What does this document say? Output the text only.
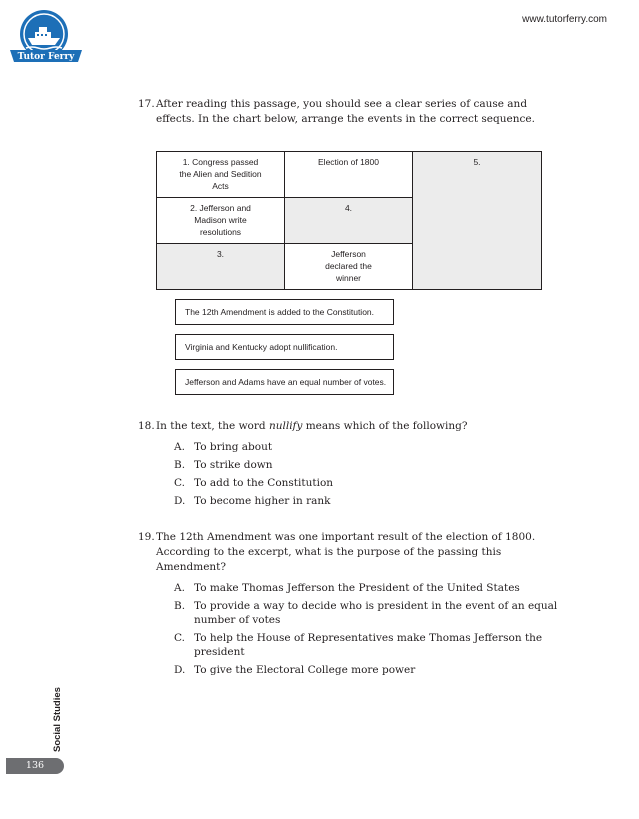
Tutor Ferry
www.tutorferry.com
17. After reading this passage, you should see a clear series of cause and effects. In the chart below, arrange the events in the correct sequence.
1. Congress passed the Alien and Sedition Acts
Election of 1800	5.
2. Jefferson and Madison write resolutions
4.
3.	Jefferson declared the winner
The 12th Amendment is added to the Constitution.
Virginia and Kentucky adopt nullification.
Jefferson and Adams have an equal number of votes.
18. In the text, the word nullify means which of the following?
A. To bring about
B. To strike down
C. To add to the Constitution
D. To become higher in rank
19. The 12th Amendment was one important result of the election of 1800. According to the excerpt, what is the purpose of the passing this Amendment?
A. To make Thomas Jefferson the President of the United States
B. To provide a way to decide who is president in the event of an equal number of votes
C. To help the House of Representatives make Thomas Jefferson the president
D. To give the Electoral College more power
Social Studies
136
